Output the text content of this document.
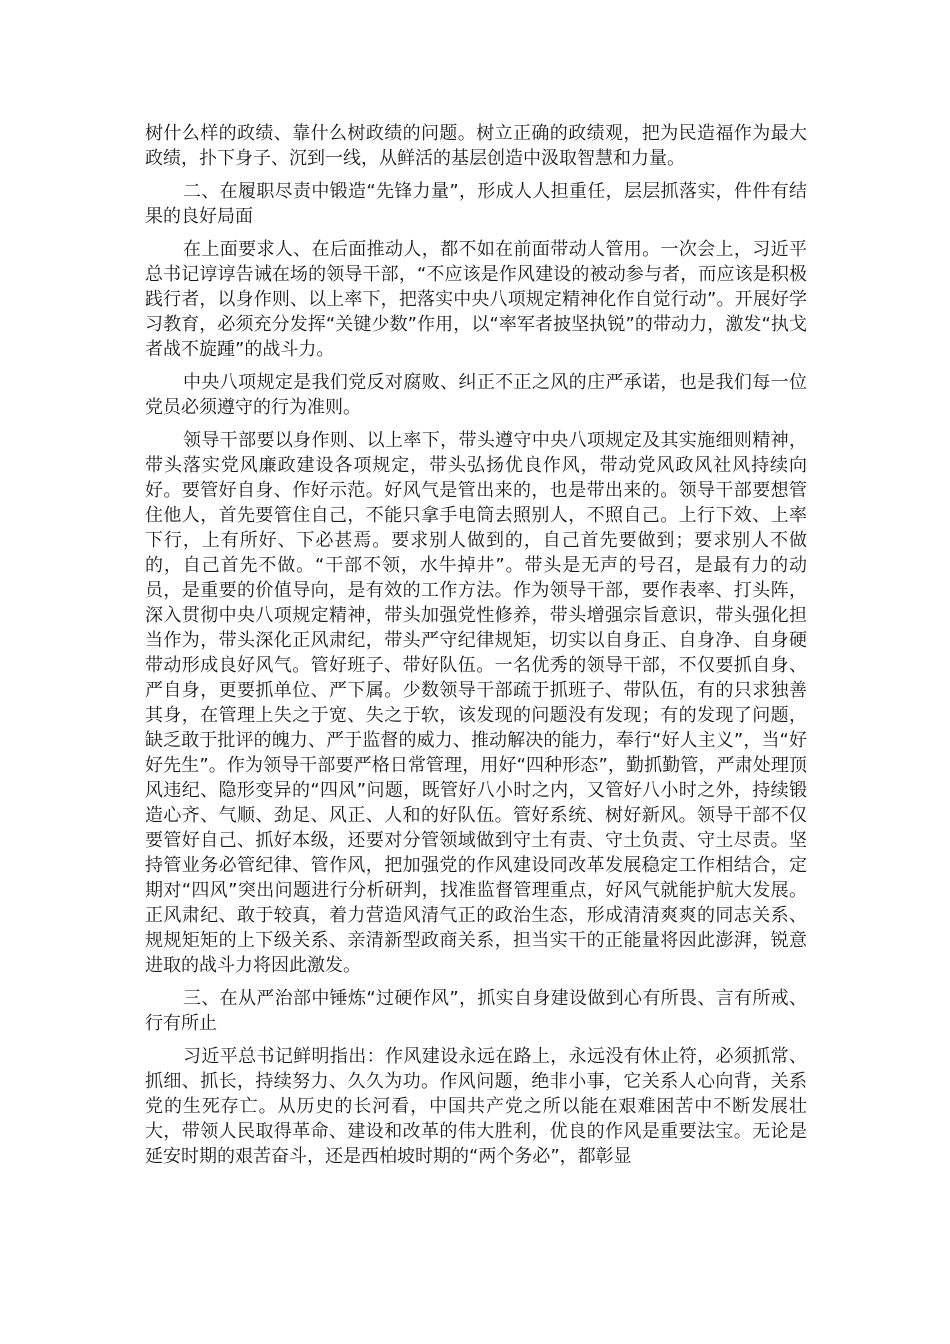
树什么样的政绩、靠什么树政绩的问题。树立正确的政绩观，把为民造福作为最大政绩，扑下身子、沉到一线，从鲜活的基层创造中汲取智慧和力量。

二、在履职尽责中锻造“先锋力量”，形成人人担重任，层层抓落实，件件有结果的良好局面

在上面要求人、在后面推动人，都不如在前面带动人管用。一次会上，习近平总书记谆谆告诫在场的领导干部，“不应该是作风建设的被动参与者，而应该是积极践行者，以身作则、以上率下，把落实中央八项规定精神化作自觉行动”。开展好学习教育，必须充分发挥“关键少数”作用，以“率军者披坚执锐”的带动力，激发“执戈者战不旋踵”的战斗力。

中央八项规定是我们党反对腐败、纠正不正之风的庄严承诺，也是我们每一位党员必须遵守的行为准则。

领导干部要以身作则、以上率下，带头遵守中央八项规定及其实施细则精神，带头落实党风廉政建设各项规定，带头弘扬优良作风，带动党风政风社风持续向好。要管好自身、作好示范。好风气是管出来的，也是带出来的。领导干部要想管住他人，首先要管住自己，不能只拿手电筒去照别人，不照自己。上行下效、上率下行，上有所好、下必甚焉。要求别人做到的，自己首先要做到；要求别人不做的，自己首先不做。“干部不领，水牛掉井”。带头是无声的号召，是最有力的动员，是重要的价值导向，是有效的工作方法。作为领导干部，要作表率、打头阵，深入贯彻中央八项规定精神，带头加强党性修养，带头增强宗旨意识，带头强化担当作为，带头深化正风肃纪，带头严守纪律规矩，切实以自身正、自身净、自身硬带动形成良好风气。管好班子、带好队伍。一名优秀的领导干部，不仅要抓自身、严自身，更要抓单位、严下属。少数领导干部疏于抓班子、带队伍，有的只求独善其身，在管理上失之于宽、失之于软，该发现的问题没有发现；有的发现了问题，缺乏敢于批评的魄力、严于监督的威力、推动解决的能力，奉行“好人主义”，当“好好先生”。作为领导干部要严格日常管理，用好“四种形态”，勤抓勤管，严肃处理顶风违纪、隐形变异的“四风”问题，既管好八小时之内，又管好八小时之外，持续锻造心齐、气顺、劲足、风正、人和的好队伍。管好系统、树好新风。领导干部不仅要管好自己、抓好本级，还要对分管领域做到守土有责、守土负责、守土尽责。坚持管业务必管纪律、管作风，把加强党的作风建设同改革发展稳定工作相结合，定期对“四风”突出问题进行分析研判，找准监督管理重点，好风气就能护航大发展。正风肃纪、敢于较真，着力营造风清气正的政治生态，形成清清爽爽的同志关系、规规矩矩的上下级关系、亲清新型政商关系，担当实干的正能量将因此澎湃，锐意进取的战斗力将因此激发。

三、在从严治部中锤炼“过硬作风”，抓实自身建设做到心有所畏、言有所戒、行有所止

习近平总书记鲜明指出：作风建设永远在路上，永远没有休止符，必须抓常、抓细、抓长，持续努力、久久为功。作风问题，绝非小事，它关系人心向背，关系党的生死存亡。从历史的长河看，中国共产党之所以能在艰难困苦中不断发展壮大，带领人民取得革命、建设和改革的伟大胜利，优良的作风是重要法宝。无论是延安时期的艰苦奋斗，还是西柏坡时期的“两个务必”，都彰显
